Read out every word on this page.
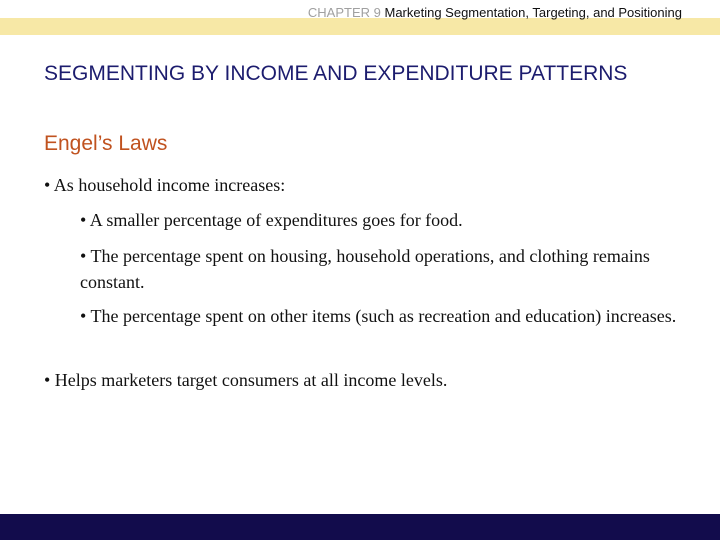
CHAPTER 9 Marketing Segmentation, Targeting, and Positioning
SEGMENTING BY INCOME AND EXPENDITURE PATTERNS
Engel’s Laws

• As household income increases:

• A smaller percentage of expenditures goes for food.

• The percentage spent on housing, household operations, and clothing remains constant.

• The percentage spent on other items (such as recreation and education) increases.

• Helps marketers target consumers at all income levels.
